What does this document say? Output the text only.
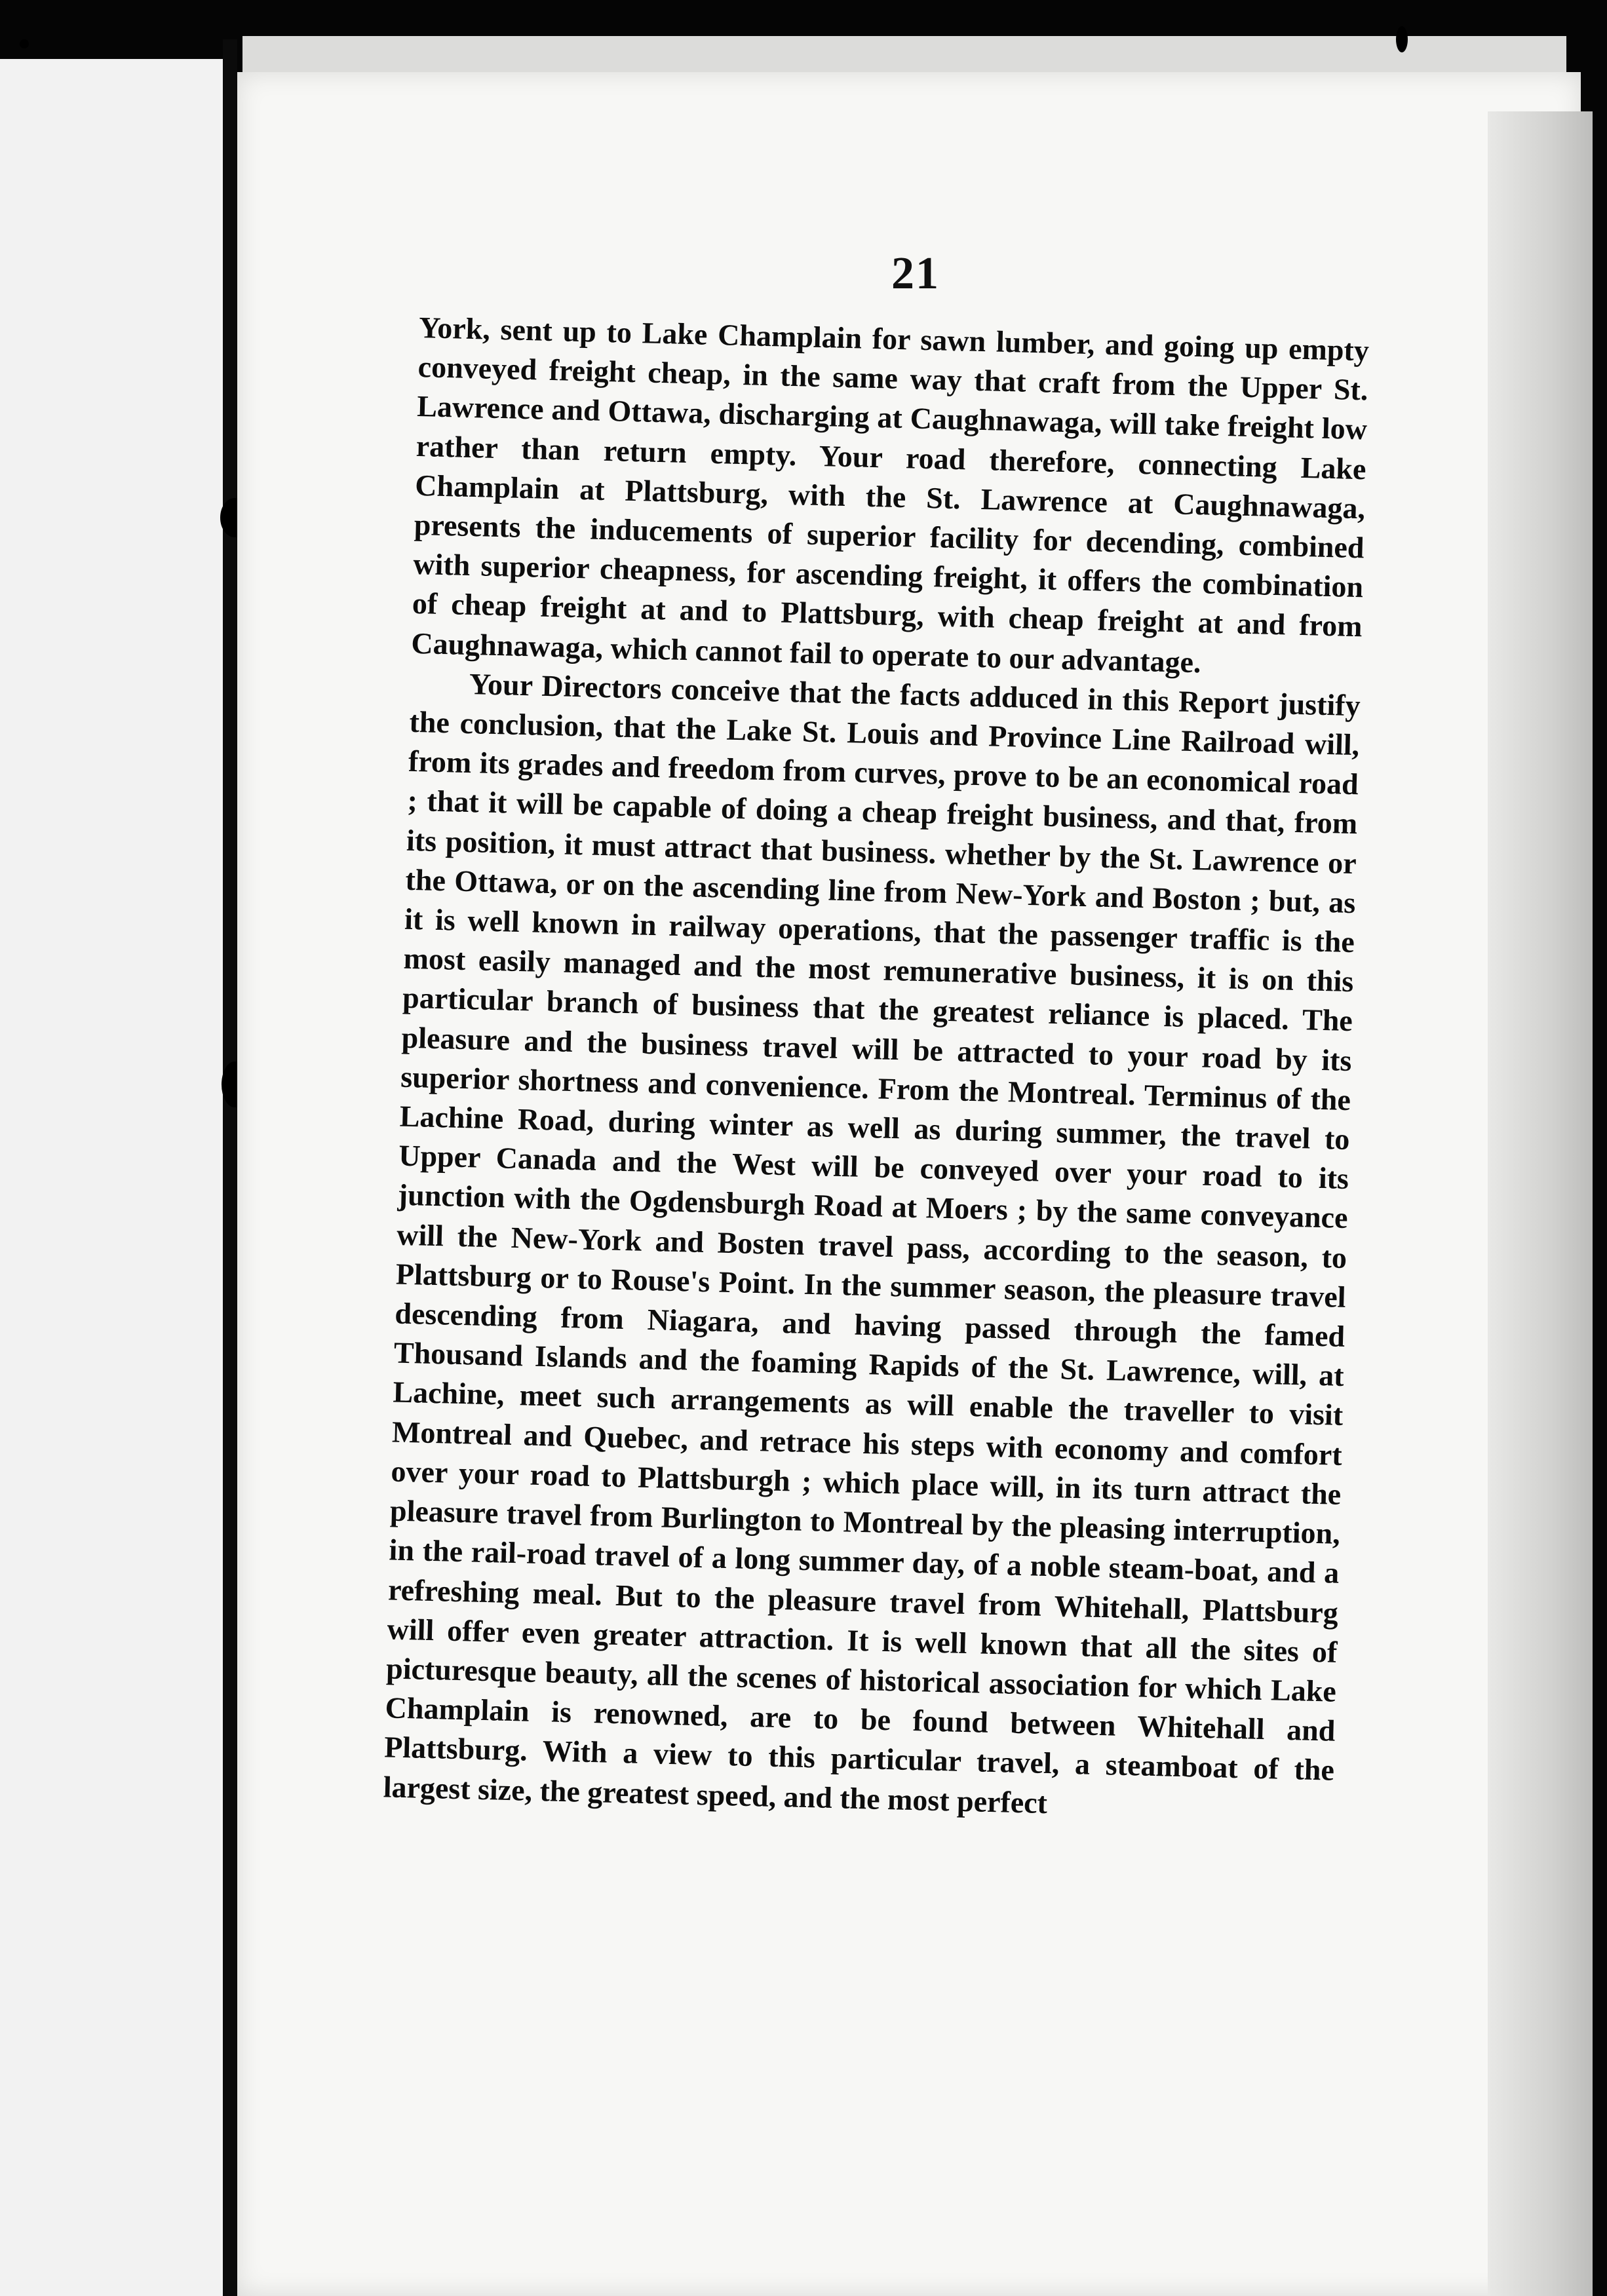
21

York, sent up to Lake Champlain for sawn lumber, and going up empty conveyed freight cheap, in the same way that craft from the Upper St. Lawrence and Ottawa, discharging at Caughnawaga, will take freight low rather than return empty. Your road therefore, connecting Lake Champlain at Plattsburg, with the St. Lawrence at Caughnawaga, presents the inducements of superior facility for decending, combined with superior cheapness, for ascending freight, it offers the combination of cheap freight at and to Plattsburg, with cheap freight at and from Caughnawaga, which cannot fail to operate to our advantage.

Your Directors conceive that the facts adduced in this Report justify the conclusion, that the Lake St. Louis and Province Line Railroad will, from its grades and freedom from curves, prove to be an economical road ; that it will be capable of doing a cheap freight business, and that, from its position, it must attract that business. whether by the St. Lawrence or the Ottawa, or on the ascending line from New-York and Boston ; but, as it is well known in railway operations, that the passenger traffic is the most easily managed and the most remunerative business, it is on this particular branch of business that the greatest reliance is placed. The pleasure and the business travel will be attracted to your road by its superior shortness and convenience. From the Montreal. Terminus of the Lachine Road, during winter as well as during summer, the travel to Upper Canada and the West will be conveyed over your road to its junction with the Ogdensburgh Road at Moers ; by the same conveyance will the New-York and Bosten travel pass, according to the season, to Plattsburg or to Rouse's Point. In the summer season, the pleasure travel descending from Niagara, and having passed through the famed Thousand Islands and the foaming Rapids of the St. Lawrence, will, at Lachine, meet such arrangements as will enable the traveller to visit Montreal and Quebec, and retrace his steps with economy and comfort over your road to Plattsburgh ; which place will, in its turn attract the pleasure travel from Burlington to Montreal by the pleasing interruption, in the rail-road travel of a long summer day, of a noble steam-boat, and a refreshing meal. But to the pleasure travel from Whitehall, Plattsburg will offer even greater attraction. It is well known that all the sites of picturesque beauty, all the scenes of historical association for which Lake Champlain is renowned, are to be found between Whitehall and Plattsburg. With a view to this particular travel, a steamboat of the largest size, the greatest speed, and the most perfect
